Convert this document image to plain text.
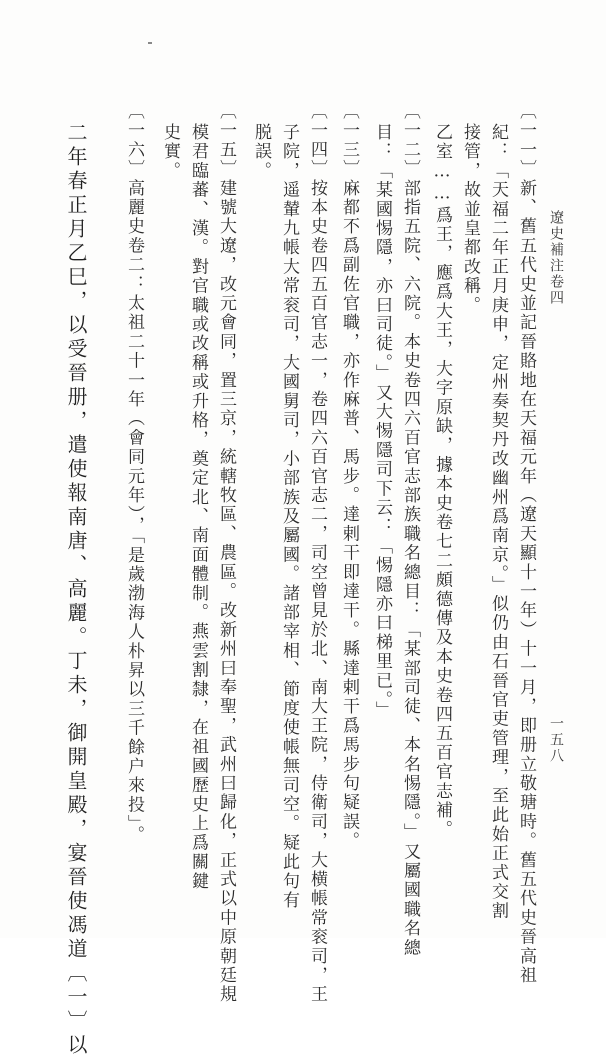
遼史補注卷四
一五八
〔一一〕新、舊五代史並記晉賂地在天福元年（遼天顯十一年）十一月，即册立敬瑭時。舊五代史晉高祖
紀：「天福二年正月庚申，定州奏契丹改幽州爲南京。」似仍由石晉官吏管理，至此始正式交割
接管，故並皇都改稱。
乙室……爲王，應爲大王，大字原缺，據本史卷七二頗德傳及本史卷四五百官志補。
〔一二〕部指五院、六院。本史卷四六百官志部族職名總目：「某部司徒、本名惕隱。」又屬國職名總
目：「某國惕隱，亦曰司徒。」又大惕隱司下云：「惕隱亦曰梯里已。」
〔一三〕麻都不爲副佐官職，亦作麻普、馬步。達剌干即達干。縣達剌干爲馬步句疑誤。
〔一四〕按本史卷四五百官志一，卷四六百官志二，司空曾見於北、南大王院，侍衛司，大横帳常衮司，王
子院，遥輦九帳大常衮司，大國舅司，小部族及屬國。諸部宰相、節度使帳無司空。疑此句有
脱誤。
〔一五〕建號大遼，改元會同，置三京，統轄牧區、農區。改新州曰奉聖，武州曰歸化，正式以中原朝廷規
模君臨蕃、漢。對官職或改稱或升格，奠定北、南面體制。燕雲割隸，在祖國歷史上爲關鍵
史實。
〔一六〕高麗史卷二：太祖二十一年（會同元年），「是歲渤海人朴昇以三千餘户來投」。
二年春正月乙巳，以受晉册，遣使報南唐、高麗。丁未，御開皇殿，宴晉使馮道〔一〕以
